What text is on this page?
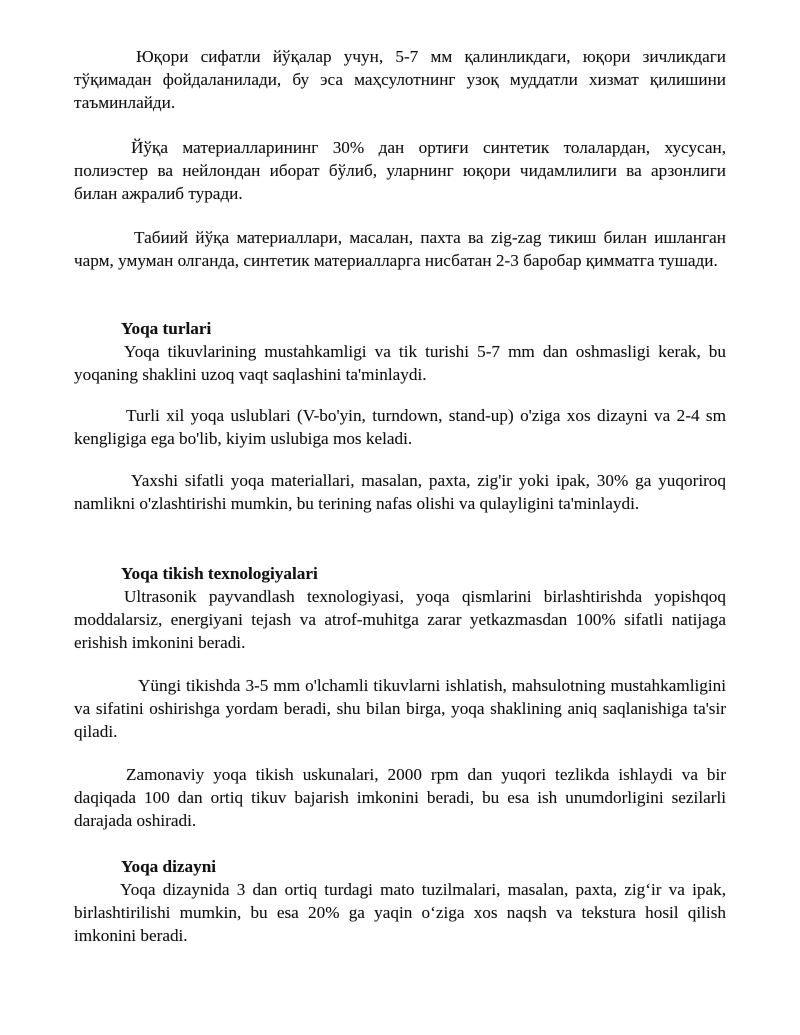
Юқори сифатли йўқалар учун, 5-7 мм қалинликдаги, юқори зичликдаги тўқимадан фойдаланилади, бу эса маҳсулотнинг узоқ муддатли хизмат қилишини таъминлайди.

Йўқа материалларининг 30% дан ортиғи синтетик толалардан, хусусан, полиэстер ва нейлондан иборат бўлиб, уларнинг юқори чидамлилиги ва арзонлиги билан ажралиб туради.

Табиий йўқа материаллари, масалан, пахта ва zig-zag тикиш билан ишланган чарм, умуман олганда, синтетик материалларга нисбатан 2-3 баробар қимматга тушади.

Yoqa turlari

Yoqa tikuvlarining mustahkamligi va tik turishi 5-7 mm dan oshmasligi kerak, bu yoqaning shaklini uzoq vaqt saqlashini ta'minlaydi.

Turli xil yoqa uslublari (V-bo'yin, turndown, stand-up) o'ziga xos dizayni va 2-4 sm kengligiga ega bo'lib, kiyim uslubiga mos keladi.

Yaxshi sifatli yoqa materiallari, masalan, paxta, zig'ir yoki ipak, 30% ga yuqoriroq namlikni o'zlashtirishi mumkin, bu terining nafas olishi va qulayligini ta'minlaydi.

Yoqa tikish texnologiyalari

Ultrasonik payvandlash texnologiyasi, yoqa qismlarini birlashtirishda yopishqoq moddalarsiz, energiyani tejash va atrof-muhitga zarar yetkazmasdan 100% sifatli natijaga erishish imkonini beradi.

Yüngi tikishda 3-5 mm o'lchamli tikuvlarni ishlatish, mahsulotning mustahkamligini va sifatini oshirishga yordam beradi, shu bilan birga, yoqa shaklining aniq saqlanishiga ta'sir qiladi.

Zamonaviy yoqa tikish uskunalari, 2000 rpm dan yuqori tezlikda ishlaydi va bir daqiqada 100 dan ortiq tikuv bajarish imkonini beradi, bu esa ish unumdorligini sezilarli darajada oshiradi.

Yoqa dizayni

Yoqa dizaynida 3 dan ortiq turdagi mato tuzilmalari, masalan, paxta, zig‘ir va ipak, birlashtirilishi mumkin, bu esa 20% ga yaqin o‘ziga xos naqsh va tekstura hosil qilish imkonini beradi.
